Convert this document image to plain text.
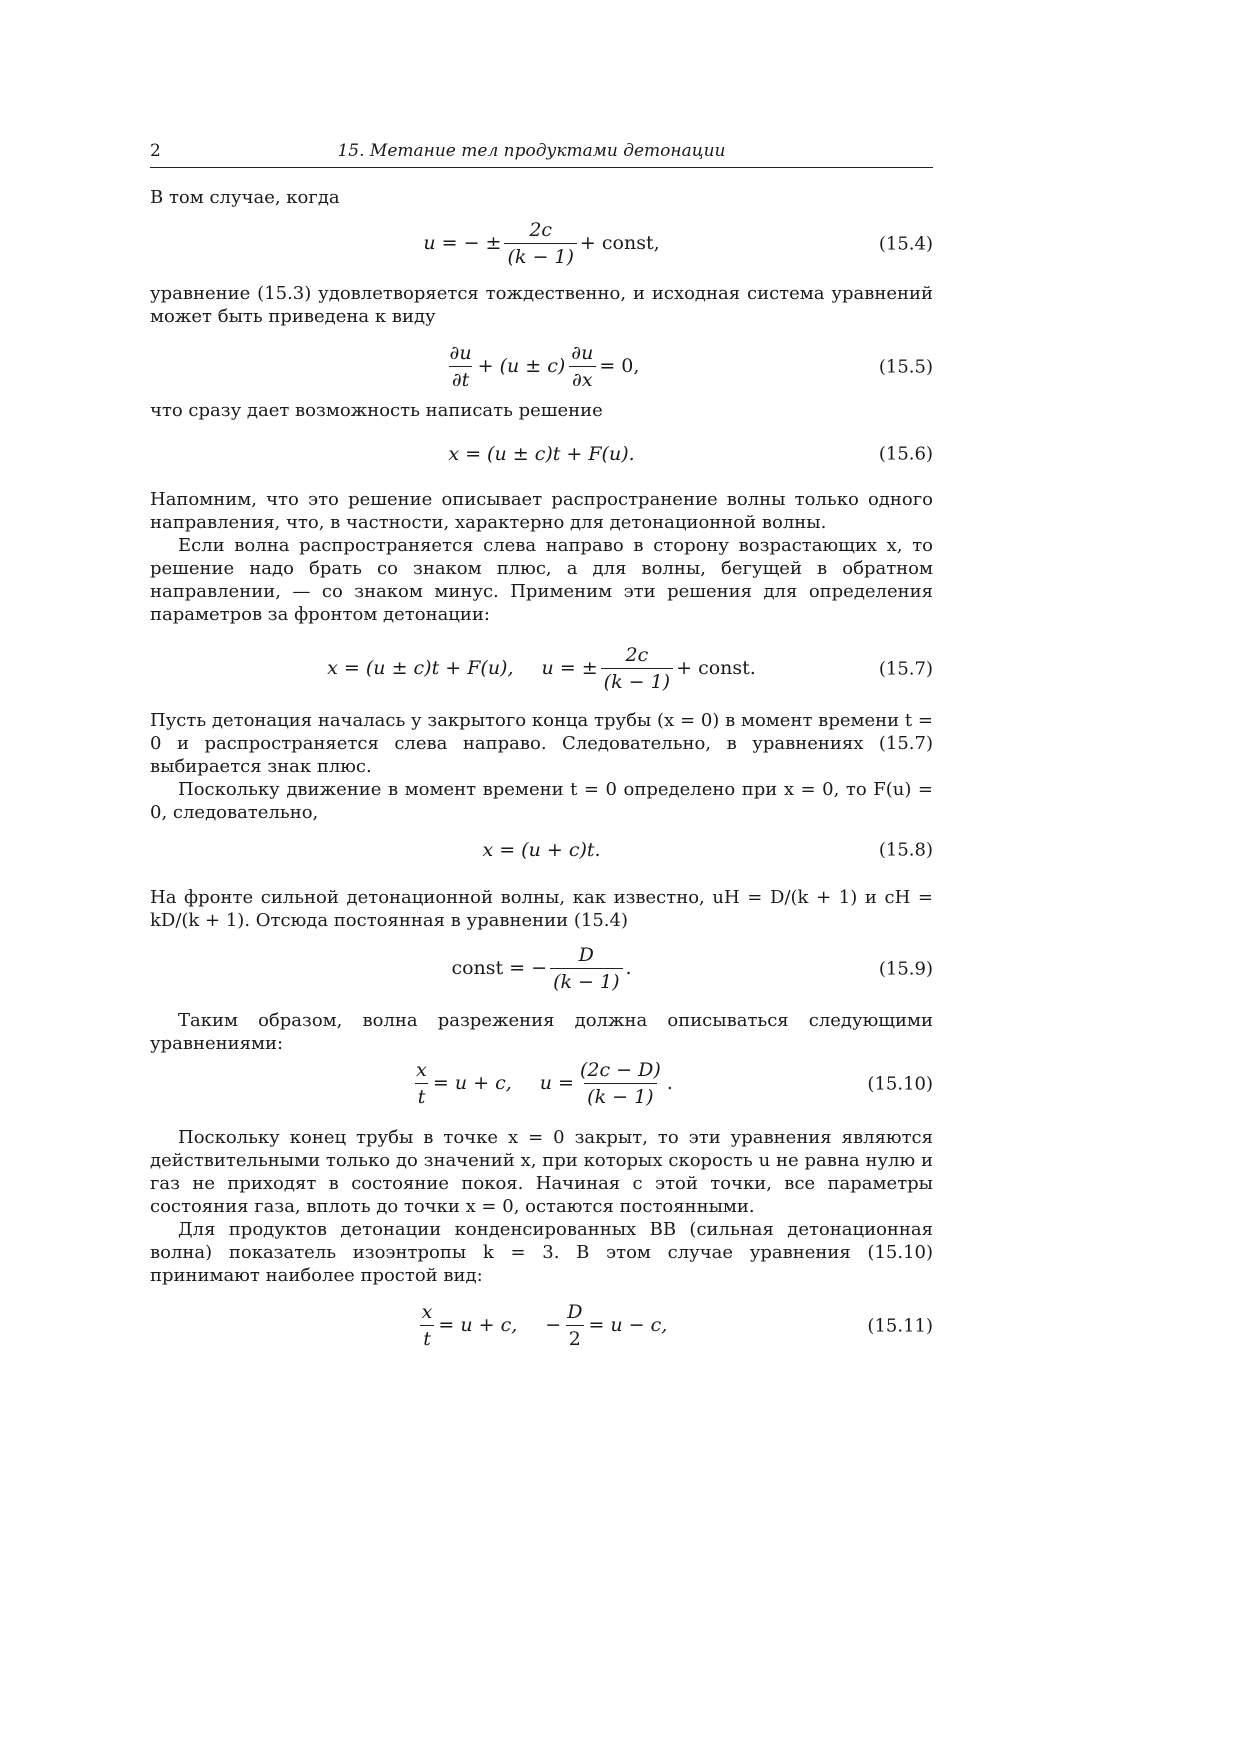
2	15. Метание тел продуктами детонации

В том случае, когда

u = − ± $\frac{2c}{(k - 1)}$ + const,	(15.4)

уравнение (15.3) удовлетворяется тождественно, и исходная система уравнений может быть приведена к виду

$\frac{\partial u}{\partial t} + (u \pm c) \frac{\partial u}{\partial x} = 0$,	(15.5)

что сразу дает возможность написать решение

x = (u ± c)t + F(u).	(15.6)

Напомним, что это решение описывает распространение волны только одного направления, что, в частности, характерно для детонационной волны.

Если волна распространяется слева направо в сторону возрастающих x, то решение надо брать со знаком плюс, а для волны, бегущей в обратном направлении, — со знаком минус. Применим эти решения для определения параметров за фронтом детонации:

x = (u ± c)t + F(u), u = ± $\frac{2c}{(k - 1)}$ + const.	(15.7)

Пусть детонация началась у закрытого конца трубы (x = 0) в момент времени t = 0 и распространяется слева направо. Следовательно, в уравнениях (15.7) выбирается знак плюс.

Поскольку движение в момент времени t = 0 определено при x = 0, то F(u) = 0, следовательно,

x = (u + c)t.	(15.8)

На фронте сильной детонационной волны, как известно, uH = D/(k + 1) и cH = kD/(k + 1). Отсюда постоянная в уравнении (15.4)

const = − $\frac{D}{(k - 1)}$ .	(15.9)

Таким образом, волна разрежения должна описываться следующими уравнениями:

$\frac{x}{t} = u + c$, $u = \frac{(2c - D)}{(k - 1)}$ .	(15.10)

Поскольку конец трубы в точке x = 0 закрыт, то эти уравнения являются действительными только до значений x, при которых скорость u не равна нулю и газ не приходят в состояние покоя. Начиная с этой точки, все параметры состояния газа, вплоть до точки x = 0, остаются постоянными.

Для продуктов детонации конденсированных ВВ (сильная детонационная волна) показатель изоэнтропы k = 3. В этом случае уравнения (15.10) принимают наиболее простой вид:

$\frac{x}{t} = u + c$, − $\frac{D}{2} = u - c$,	(15.11)
